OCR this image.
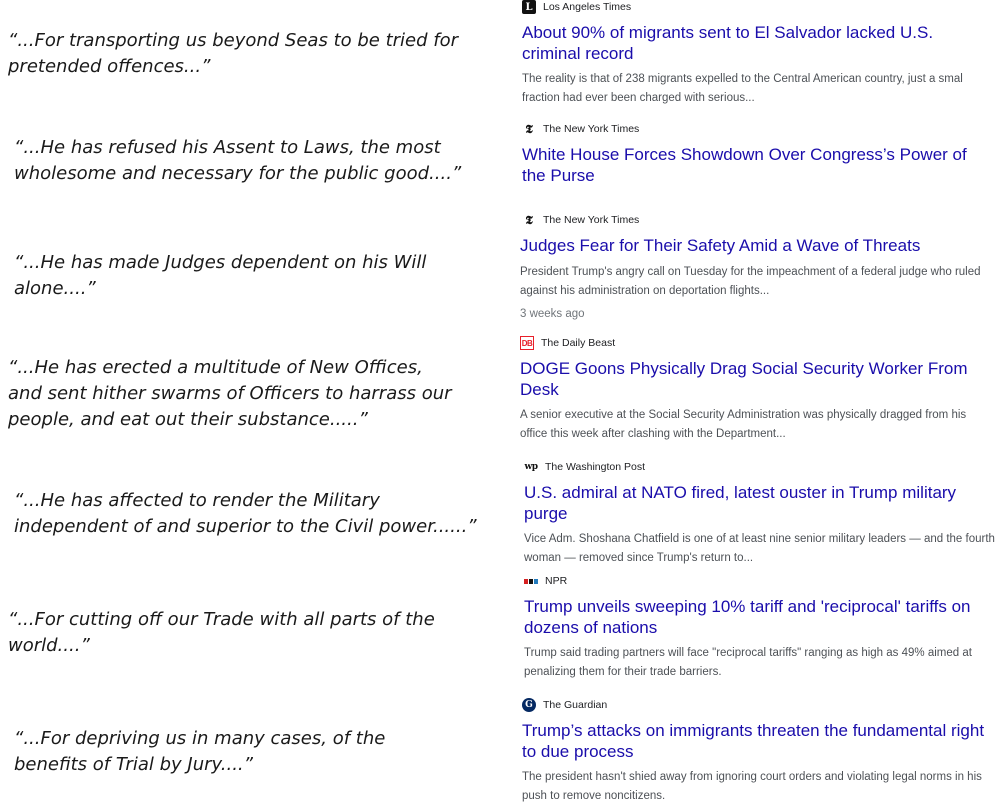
“...For transporting us beyond Seas to be tried for pretended offences...”

“...He has refused his Assent to Laws, the most wholesome and necessary for the public good....”

“...He has made Judges dependent on his Will alone....”

“...He has erected a multitude of New Offices, and sent hither swarms of Officers to harrass our people, and eat out their substance.....”

“...He has affected to render the Military independent of and superior to the Civil power......”

“...For cutting off our Trade with all parts of the world....”

“...For depriving us in many cases, of the benefits of Trial by Jury....”

L Los Angeles Times
About 90% of migrants sent to El Salvador lacked U.S. criminal record

The reality is that of 238 migrants expelled to the Central American country, just a smal fraction had ever been charged with serious...

𝕿 The New York Times
White House Forces Showdown Over Congress’s Power of the Purse
𝕿 The New York Times
Judges Fear for Their Safety Amid a Wave of Threats

President Trump's angry call on Tuesday for the impeachment of a federal judge who ruled against his administration on deportation flights...

3 weeks ago

DB The Daily Beast
DOGE Goons Physically Drag Social Security Worker From Desk

A senior executive at the Social Security Administration was physically dragged from his office this week after clashing with the Department...

wp The Washington Post
U.S. admiral at NATO fired, latest ouster in Trump military purge

Vice Adm. Shoshana Chatfield is one of at least nine senior military leaders — and the fourth woman — removed since Trump's return to...

NPR
Trump unveils sweeping 10% tariff and 'reciprocal' tariffs on dozens of nations

Trump said trading partners will face "reciprocal tariffs" ranging as high as 49% aimed at penalizing them for their trade barriers.

G The Guardian
Trump’s attacks on immigrants threaten the fundamental right to due process

The president hasn't shied away from ignoring court orders and violating legal norms in his push to remove noncitizens.
